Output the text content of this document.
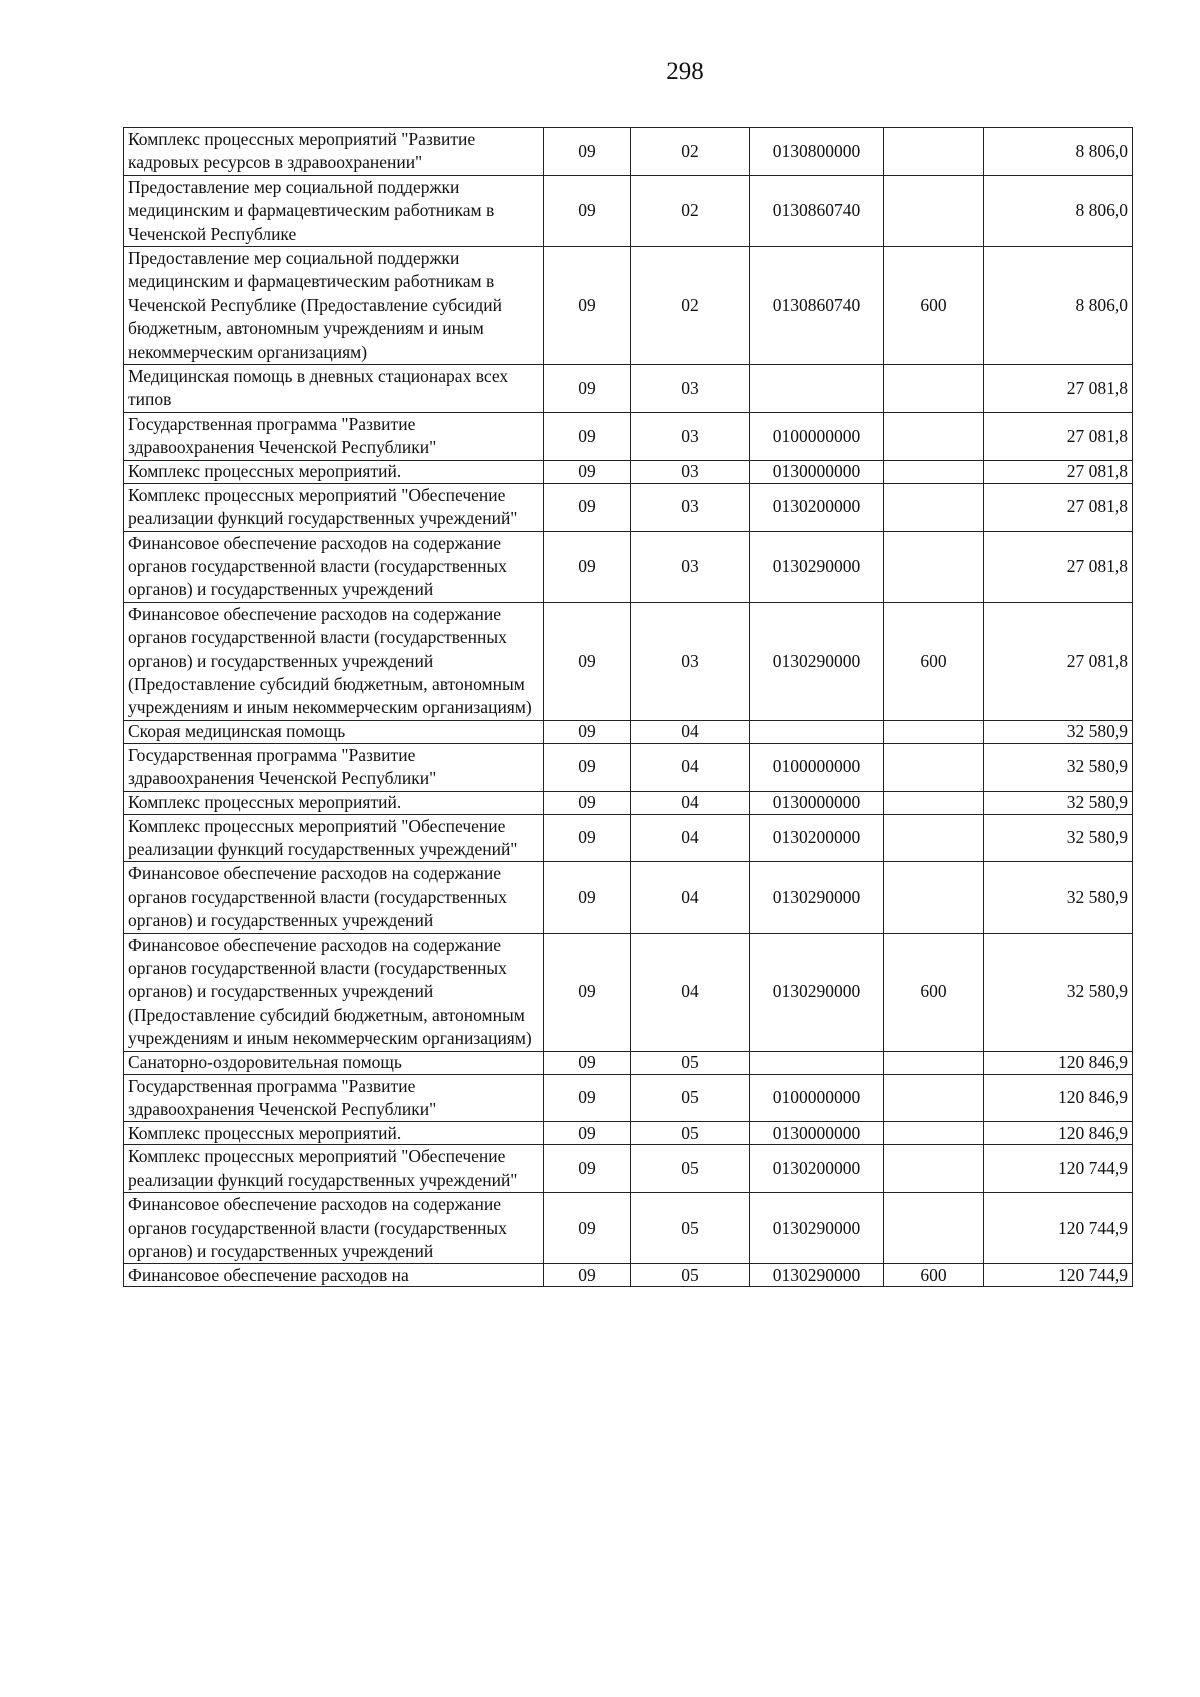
298
Комплекс процессных мероприятий "Развитие кадровых ресурсов в здравоохранении"	09	02	0130800000		8 806,0
Предоставление мер социальной поддержки медицинским и фармацевтическим работникам в Чеченской Республике	09	02	0130860740		8 806,0
Предоставление мер социальной поддержки медицинским и фармацевтическим работникам в Чеченской Республике (Предоставление субсидий бюджетным, автономным учреждениям и иным некоммерческим организациям)	09	02	0130860740	600	8 806,0
Медицинская помощь в дневных стационарах всех типов	09	03			27 081,8
Государственная программа "Развитие здравоохранения Чеченской Республики"	09	03	0100000000		27 081,8
Комплекс процессных мероприятий.	09	03	0130000000		27 081,8
Комплекс процессных мероприятий "Обеспечение реализации функций государственных учреждений"	09	03	0130200000		27 081,8
Финансовое обеспечение расходов на содержание органов государственной власти (государственных органов) и государственных учреждений	09	03	0130290000		27 081,8
Финансовое обеспечение расходов на содержание органов государственной власти (государственных органов) и государственных учреждений (Предоставление субсидий бюджетным, автономным учреждениям и иным некоммерческим организациям)	09	03	0130290000	600	27 081,8
Скорая медицинская помощь	09	04			32 580,9
Государственная программа "Развитие здравоохранения Чеченской Республики"	09	04	0100000000		32 580,9
Комплекс процессных мероприятий.	09	04	0130000000		32 580,9
Комплекс процессных мероприятий "Обеспечение реализации функций государственных учреждений"	09	04	0130200000		32 580,9
Финансовое обеспечение расходов на содержание органов государственной власти (государственных органов) и государственных учреждений	09	04	0130290000		32 580,9
Финансовое обеспечение расходов на содержание органов государственной власти (государственных органов) и государственных учреждений (Предоставление субсидий бюджетным, автономным учреждениям и иным некоммерческим организациям)	09	04	0130290000	600	32 580,9
Санаторно-оздоровительная помощь	09	05			120 846,9
Государственная программа "Развитие здравоохранения Чеченской Республики"	09	05	0100000000		120 846,9
Комплекс процессных мероприятий.	09	05	0130000000		120 846,9
Комплекс процессных мероприятий "Обеспечение реализации функций государственных учреждений"	09	05	0130200000		120 744,9
Финансовое обеспечение расходов на содержание органов государственной власти (государственных органов) и государственных учреждений	09	05	0130290000		120 744,9
Финансовое обеспечение расходов на	09	05	0130290000	600	120 744,9
